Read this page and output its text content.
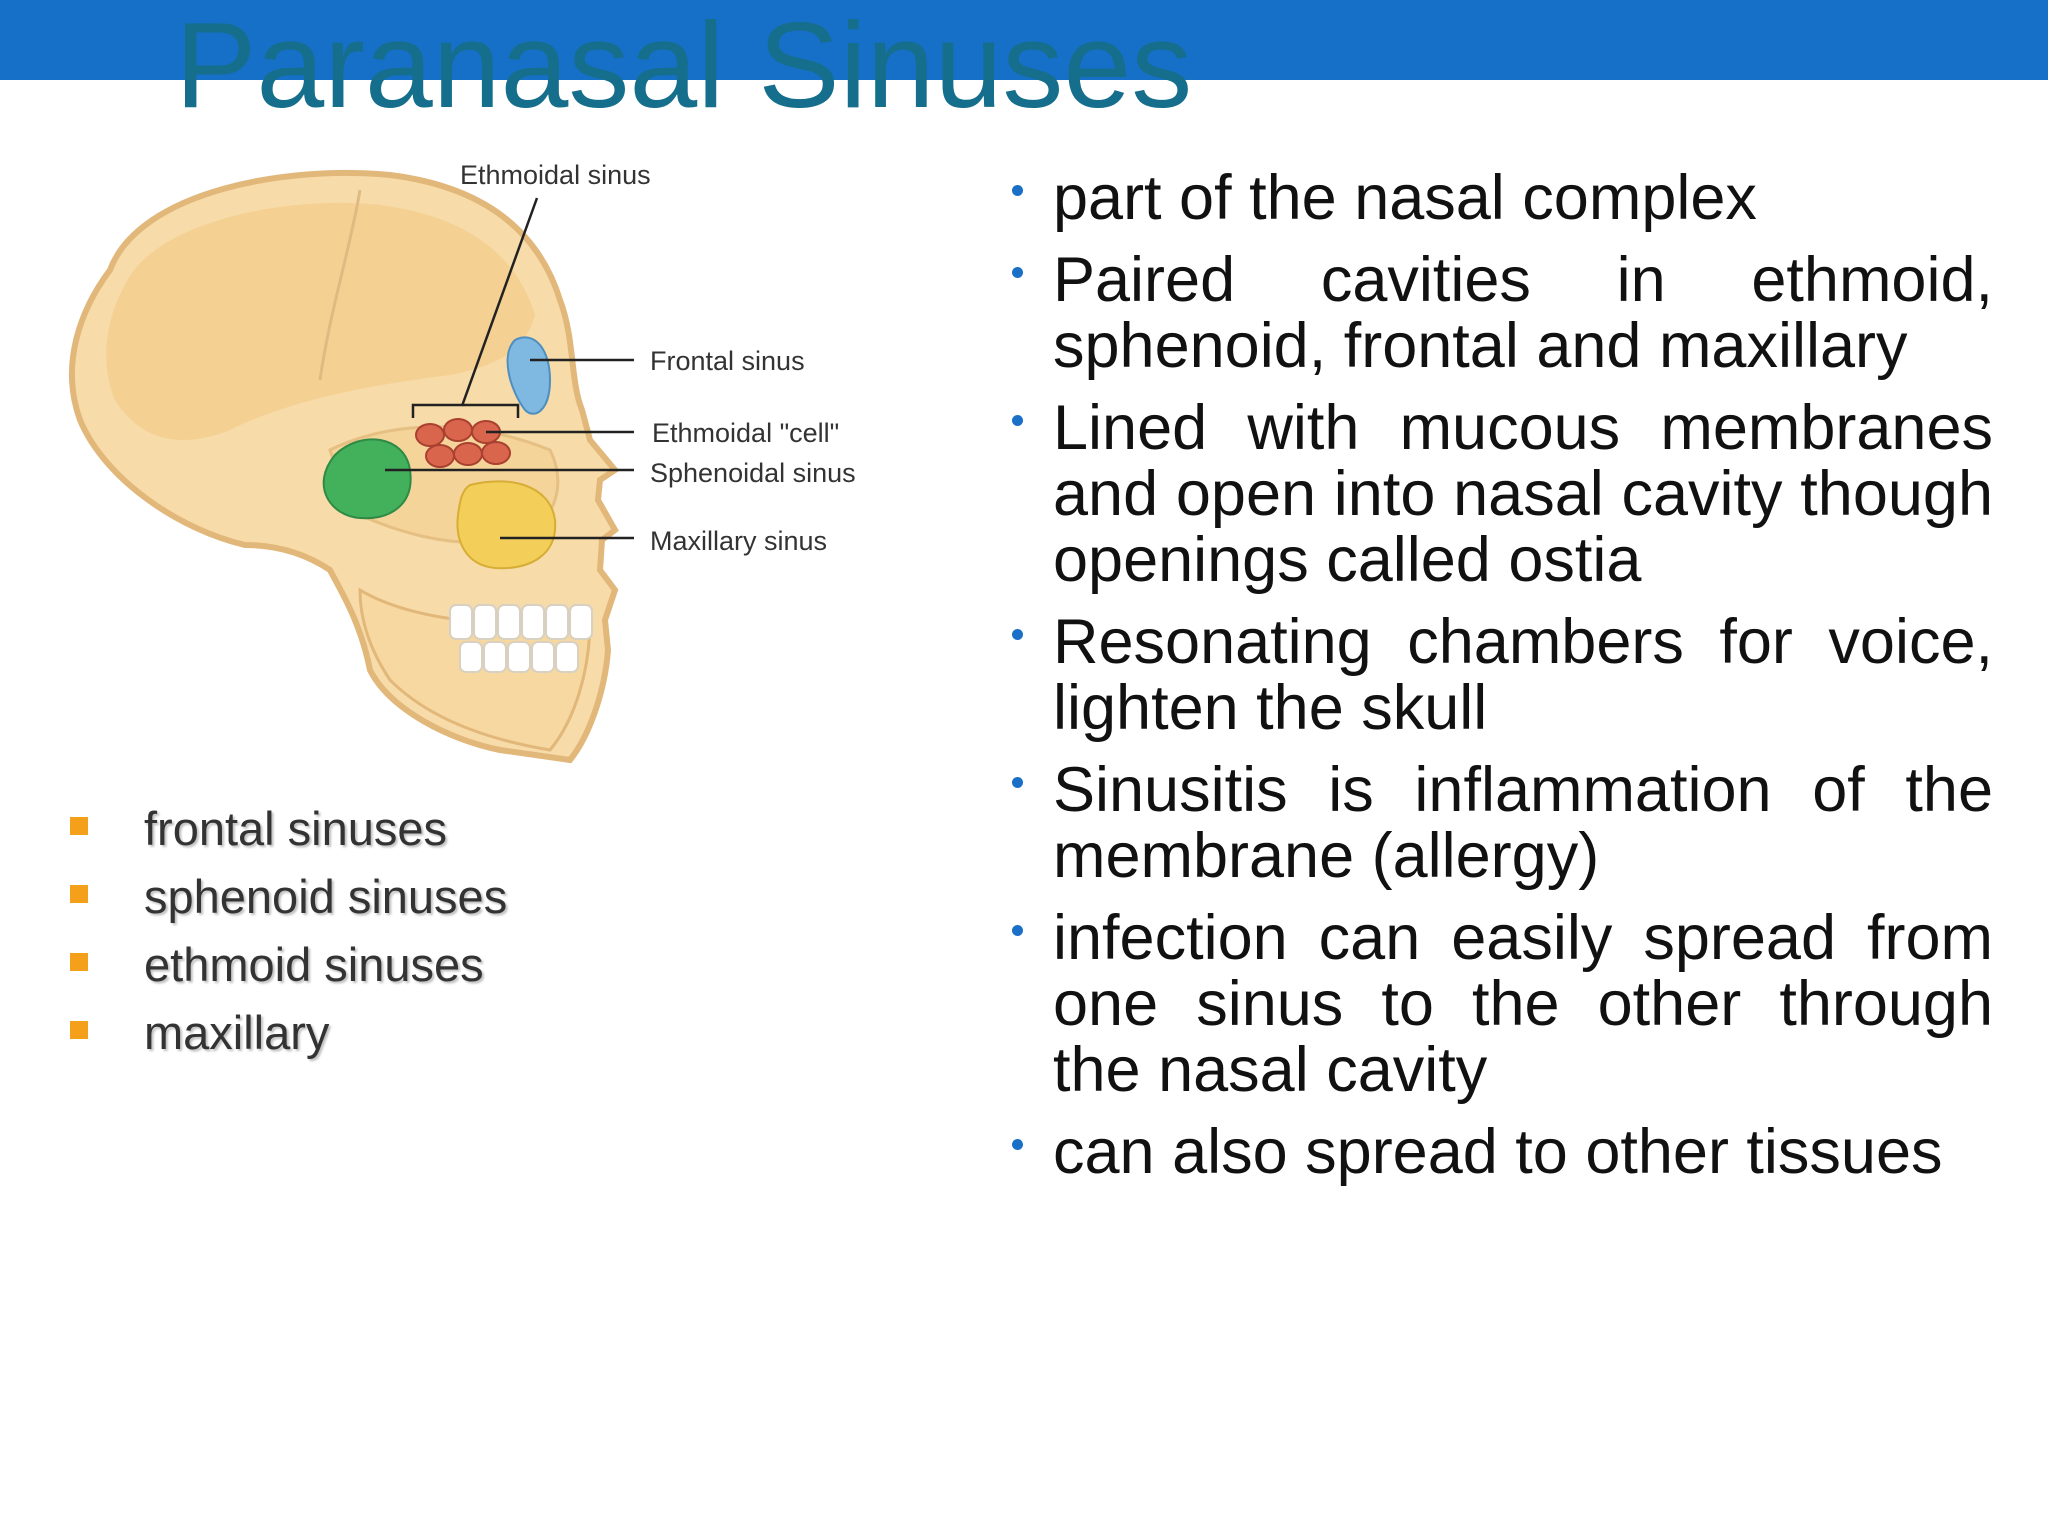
Paranasal Sinuses
Ethmoidal sinus
Frontal sinus
Ethmoidal "cell"
Sphenoidal sinus
Maxillary sinus
frontal sinuses
sphenoid sinuses
ethmoid sinuses
maxillary
part of the nasal complex
Paired cavities in ethmoid, sphenoid, frontal and maxillary
Lined with mucous membranes and open into nasal cavity though openings called ostia
Resonating chambers for voice, lighten the skull
Sinusitis is inflammation of the membrane (allergy)
infection can easily spread from one sinus to the other through the nasal cavity
can also spread to other tissues
